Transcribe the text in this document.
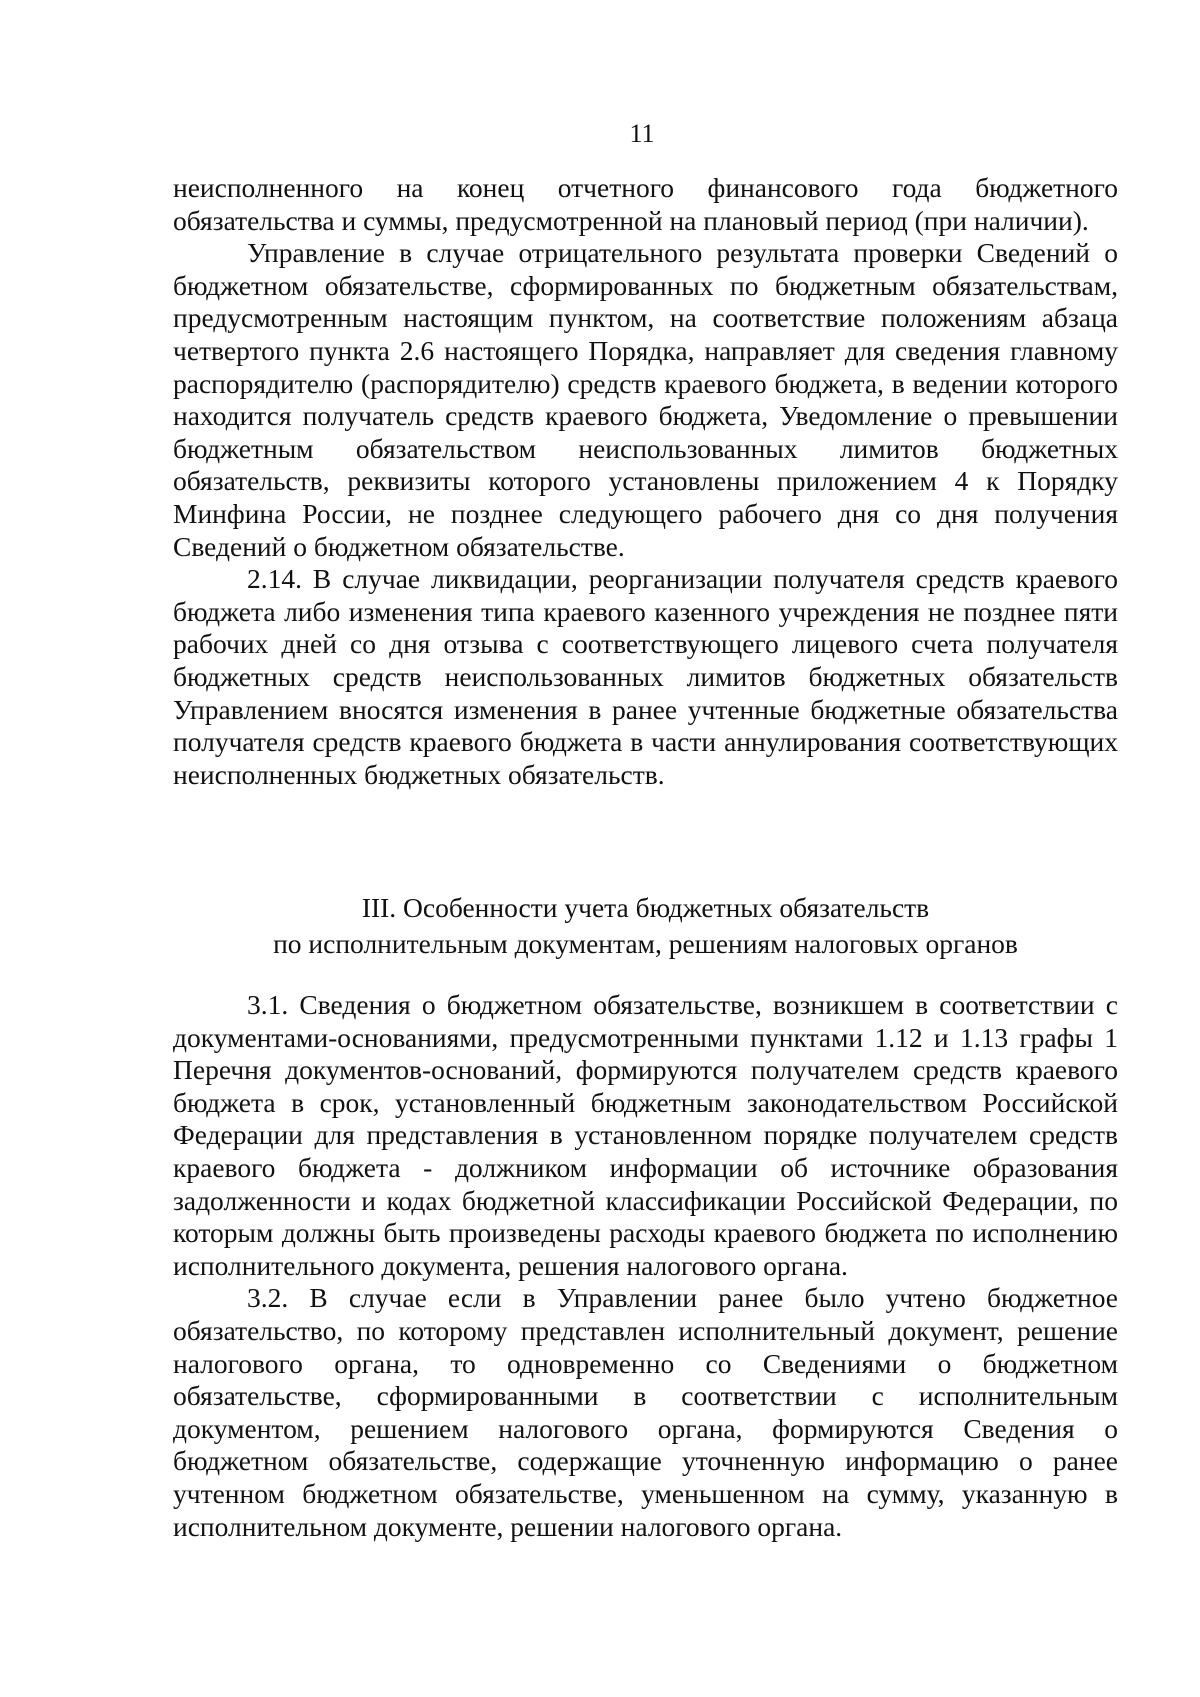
11

неисполненного на конец отчетного финансового года бюджетного обязательства и суммы, предусмотренной на плановый период (при наличии).

Управление в случае отрицательного результата проверки Сведений о бюджетном обязательстве, сформированных по бюджетным обязательствам, предусмотренным настоящим пунктом, на соответствие положениям абзаца четвертого пункта 2.6 настоящего Порядка, направляет для сведения главному распорядителю (распорядителю) средств краевого бюджета, в ведении которого находится получатель средств краевого бюджета, Уведомление о превышении бюджетным обязательством неиспользованных лимитов бюджетных обязательств, реквизиты которого установлены приложением 4 к Порядку Минфина России, не позднее следующего рабочего дня со дня получения Сведений о бюджетном обязательстве.

2.14. В случае ликвидации, реорганизации получателя средств краевого бюджета либо изменения типа краевого казенного учреждения не позднее пяти рабочих дней со дня отзыва с соответствующего лицевого счета получателя бюджетных средств неиспользованных лимитов бюджетных обязательств Управлением вносятся изменения в ранее учтенные бюджетные обязательства получателя средств краевого бюджета в части аннулирования соответствующих неисполненных бюджетных обязательств.

III. Особенности учета бюджетных обязательств
по исполнительным документам, решениям налоговых органов

3.1. Сведения о бюджетном обязательстве, возникшем в соответствии с документами-основаниями, предусмотренными пунктами 1.12 и 1.13 графы 1 Перечня документов-оснований, формируются получателем средств краевого бюджета в срок, установленный бюджетным законодательством Российской Федерации для представления в установленном порядке получателем средств краевого бюджета - должником информации об источнике образования задолженности и кодах бюджетной классификации Российской Федерации, по которым должны быть произведены расходы краевого бюджета по исполнению исполнительного документа, решения налогового органа.

3.2. В случае если в Управлении ранее было учтено бюджетное обязательство, по которому представлен исполнительный документ, решение налогового органа, то одновременно со Сведениями о бюджетном обязательстве, сформированными в соответствии с исполнительным документом, решением налогового органа, формируются Сведения о бюджетном обязательстве, содержащие уточненную информацию о ранее учтенном бюджетном обязательстве, уменьшенном на сумму, указанную в исполнительном документе, решении налогового органа.
